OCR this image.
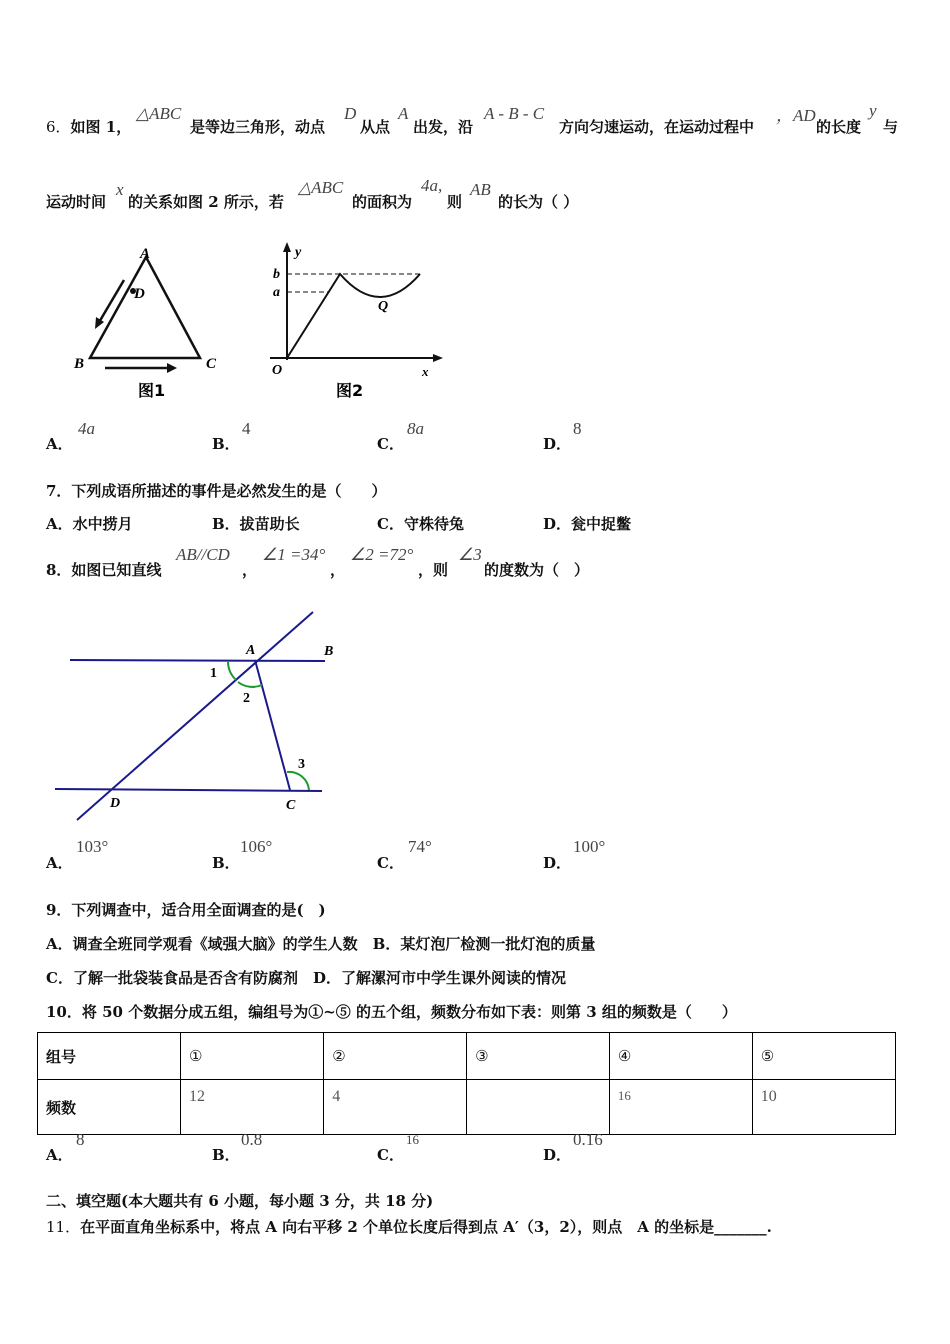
6．如图 1，
△ABC
是等边三角形，动点
D
从点
A
出发，沿
A - B - C
方向匀速运动，在运动过程中
，AD
的长度
y
与
运动时间
x
的关系如图 2 所示，若
△ABC
的面积为
4a,
则
AB
的长为（ ）
A
B	C
D
图1
y
b
a
Q
O	x
图2
A．
4a
B．
4
C．
8a
D．
8
7．下列成语所描述的事件是必然发生的是（　　）
A．水中捞月	B．拔苗助长	C．守株待兔	D．瓮中捉鳖
8．如图已知直线
AB//CD
，
∠1 =34°
，
∠2 =72°
，则
∠3
的度数为（　）
A	B
C
D
1
2
3
A．
103°
B．
106°
C．
74°
D．
100°
9．下列调查中，适合用全面调查的是(　)
A．调查全班同学观看《域强大脑》的学生人数　B．某灯泡厂检测一批灯泡的质量
C．了解一批袋装食品是否含有防腐剂　D．了解漯河市中学生课外阅读的情况
10．将 50 个数据分成五组，编组号为①~⑤ 的五个组，频数分布如下表：则第 3 组的频数是（　　）
组号	①	②	③	④	⑤
频数	12	4		16	10
A．
8
B．
0.8
C．
16
D．
0.16
二、填空题(本大题共有 6 小题，每小题 3 分，共 18 分)
11．在平面直角坐标系中，将点 A 向右平移 2 个单位长度后得到点 A′（3，2），则点　A 的坐标是_______.
